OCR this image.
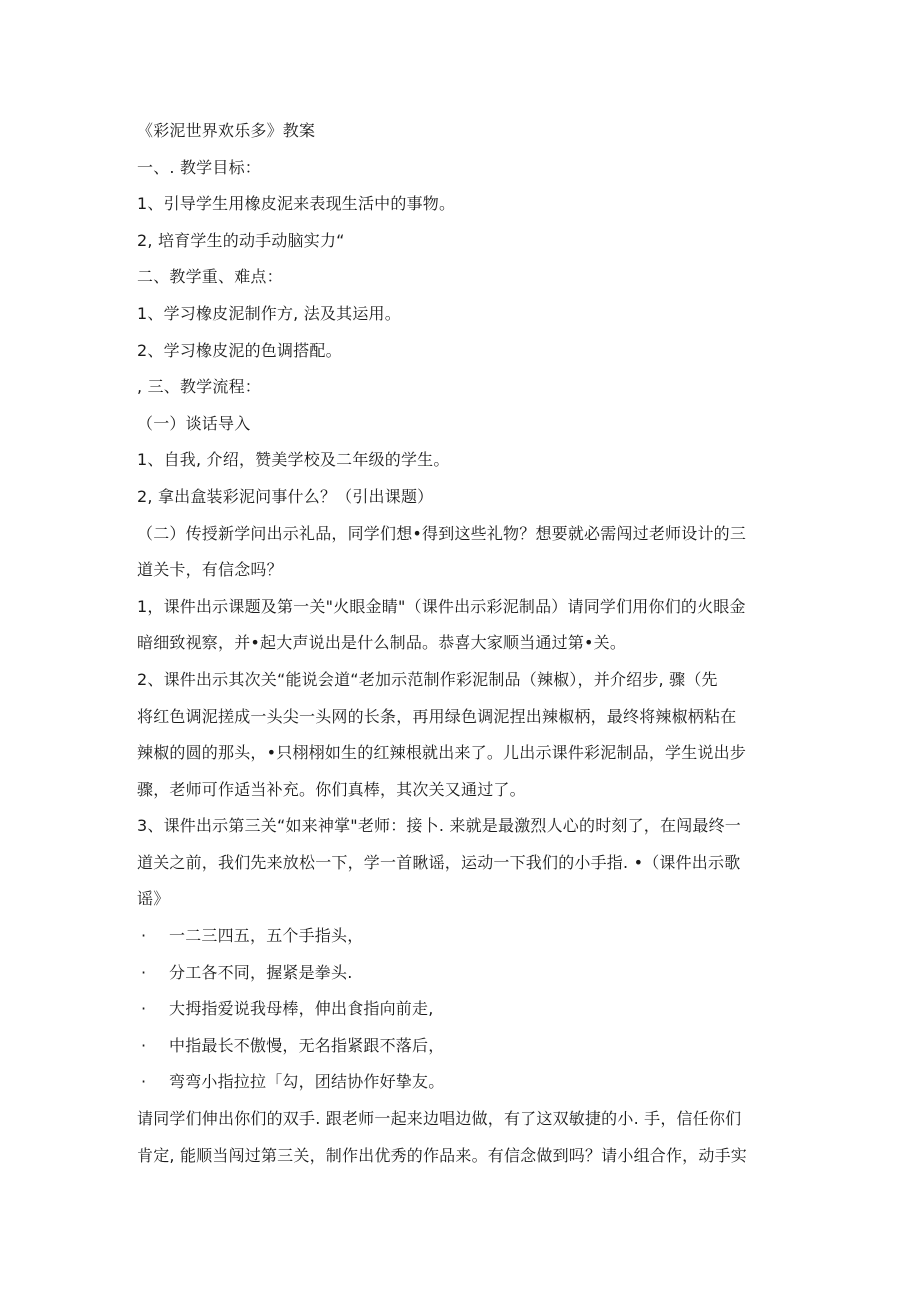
《彩泥世界欢乐多》教案
一、. 教学目标：
1、引导学生用橡皮泥来表现生活中的事物。
2, 培育学生的动手动脑实力“
二、教学重、难点：
1、学习橡皮泥制作方, 法及其运用。
2、学习橡皮泥的色调搭配。
, 三、教学流程：
（一）谈话导入
1、自我, 介绍，赞美学校及二年级的学生。
2, 拿出盒装彩泥问事什么？（引出课题）
（二）传授新学问出示礼品，同学们想•得到这些礼物？想要就必需闯过老师设计的三
道关卡，有信念吗？
1，课件出示课题及第一关"火眼金睛"（课件出示彩泥制品）请同学们用你们的火眼金
暗细致视察，并•起大声说出是什么制品。恭喜大家顺当通过第•关。
2、课件出示其次关“能说会道“老加示范制作彩泥制品（辣椒），并介绍步, 骤（先
将红色调泥搓成一头尖一头网的长条，再用绿色调泥捏出辣椒柄，最终将辣椒柄粘在
辣椒的圆的那头，•只栩栩如生的红辣根就出来了。儿出示课件彩泥制品，学生说出步
骤，老师可作适当补充。你们真棒，其次关又通过了。
3、课件出示第三关“如来神掌"老师：接卜. 来就是最激烈人心的时刻了，在闯最终一
道关之前，我们先来放松一下，学一首瞅谣，运动一下我们的小手指. •（课件出示歌
谣》
· 一二三四五，五个手指头，
· 分工各不同，握紧是拳头.
· 大拇指爱说我母棒，伸出食指向前走,
· 中指最长不傲慢，无名指紧跟不落后，
· 弯弯小指拉拉「勾，团结协作好挚友。
请同学们伸出你们的双手. 跟老师一起来边唱边做，有了这双敏捷的小. 手，信任你们
肯定, 能顺当闯过第三关，制作出优秀的作品来。有信念做到吗？请小组合作，动手实
